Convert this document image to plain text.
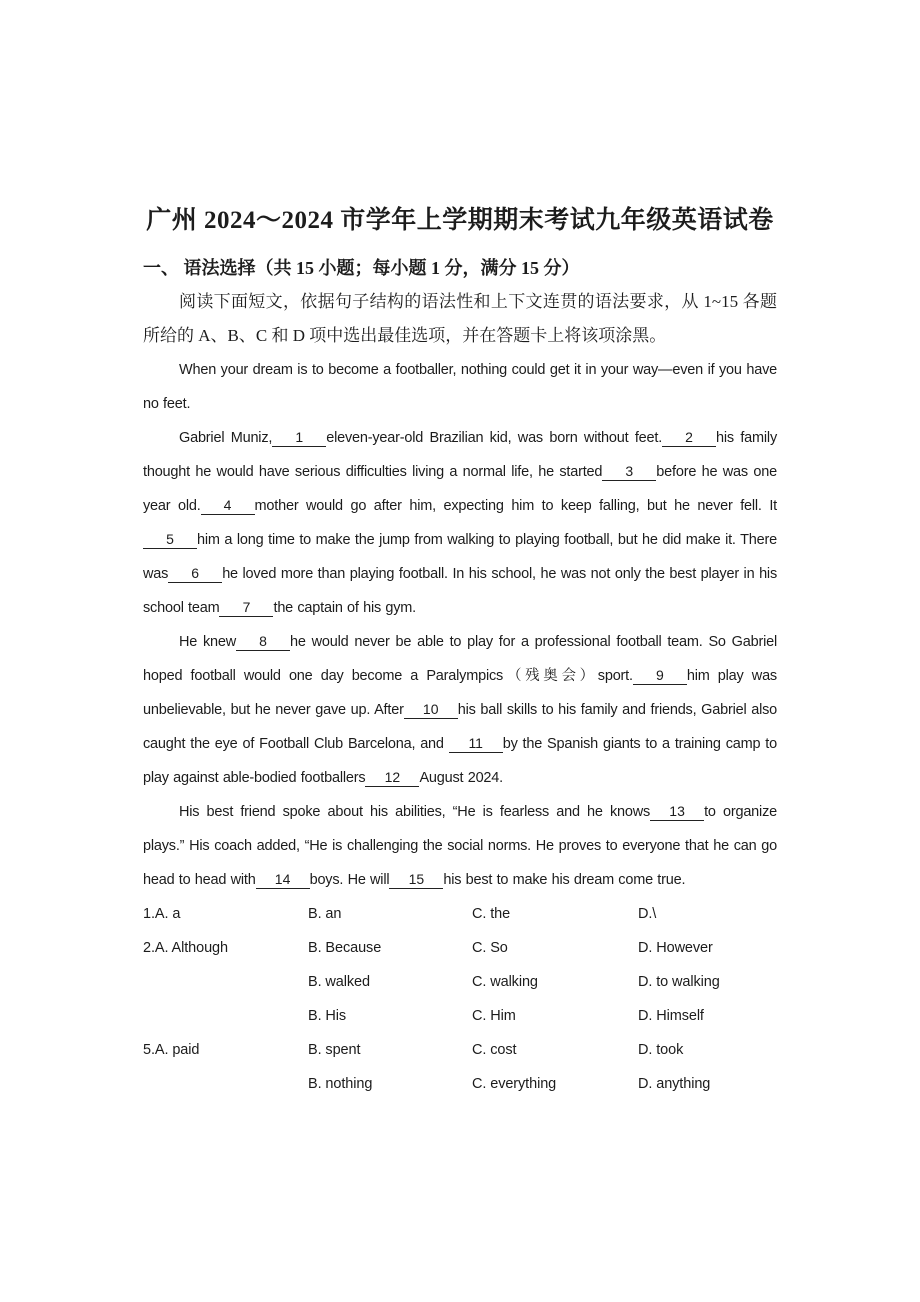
广州 2024～2024 市学年上学期期末考试九年级英语试卷
一、 语法选择（共 15 小题；每小题 1 分，满分 15 分）

阅读下面短文，依据句子结构的语法性和上下文连贯的语法要求，从 1~15 各题所给的 A、B、C 和 D 项中选出最佳选项，并在答题卡上将该项涂黑。

When your dream is to become a footballer, nothing could get it in your way—even if you have no feet.

Gabriel Muniz, 1 eleven-year-old Brazilian kid, was born without feet. 2 his family thought he would have serious difficulties living a normal life, he started 3 before he was one year old. 4 mother would go after him, expecting him to keep falling, but he never fell. It5 him a long time to make the jump from walking to playing football, but he did make it. There was 6 he loved more than playing football. In his school, he was not only the best player in his school team 7 the captain of his gym.

He knew 8 he would never be able to play for a professional football team. So Gabriel hoped football would one day become a Paralympics（残奥会）sport. 9 him play was unbelievable, but he never gave up. After 10 his ball skills to his family and friends, Gabriel also caught the eye of Football Club Barcelona, and 11 by the Spanish giants to a training camp to play against able-bodied footballers 12 August 2024.

His best friend spoke about his abilities, “He is fearless and he knows 13 to organize plays.” His coach added, “He is challenging the social norms. He proves to everyone that he can go head to head with 14 boys. He will 15 his best to make his dream come true.

1.A. a	B. an	C. the	D.\
2.A. Although	B. Because	C. So	D. However
B. walked	C. walking	D. to walking
B. His	C. Him	D. Himself
5.A. paid	B. spent	C. cost	D. took
B. nothing	C. everything	D. anything
